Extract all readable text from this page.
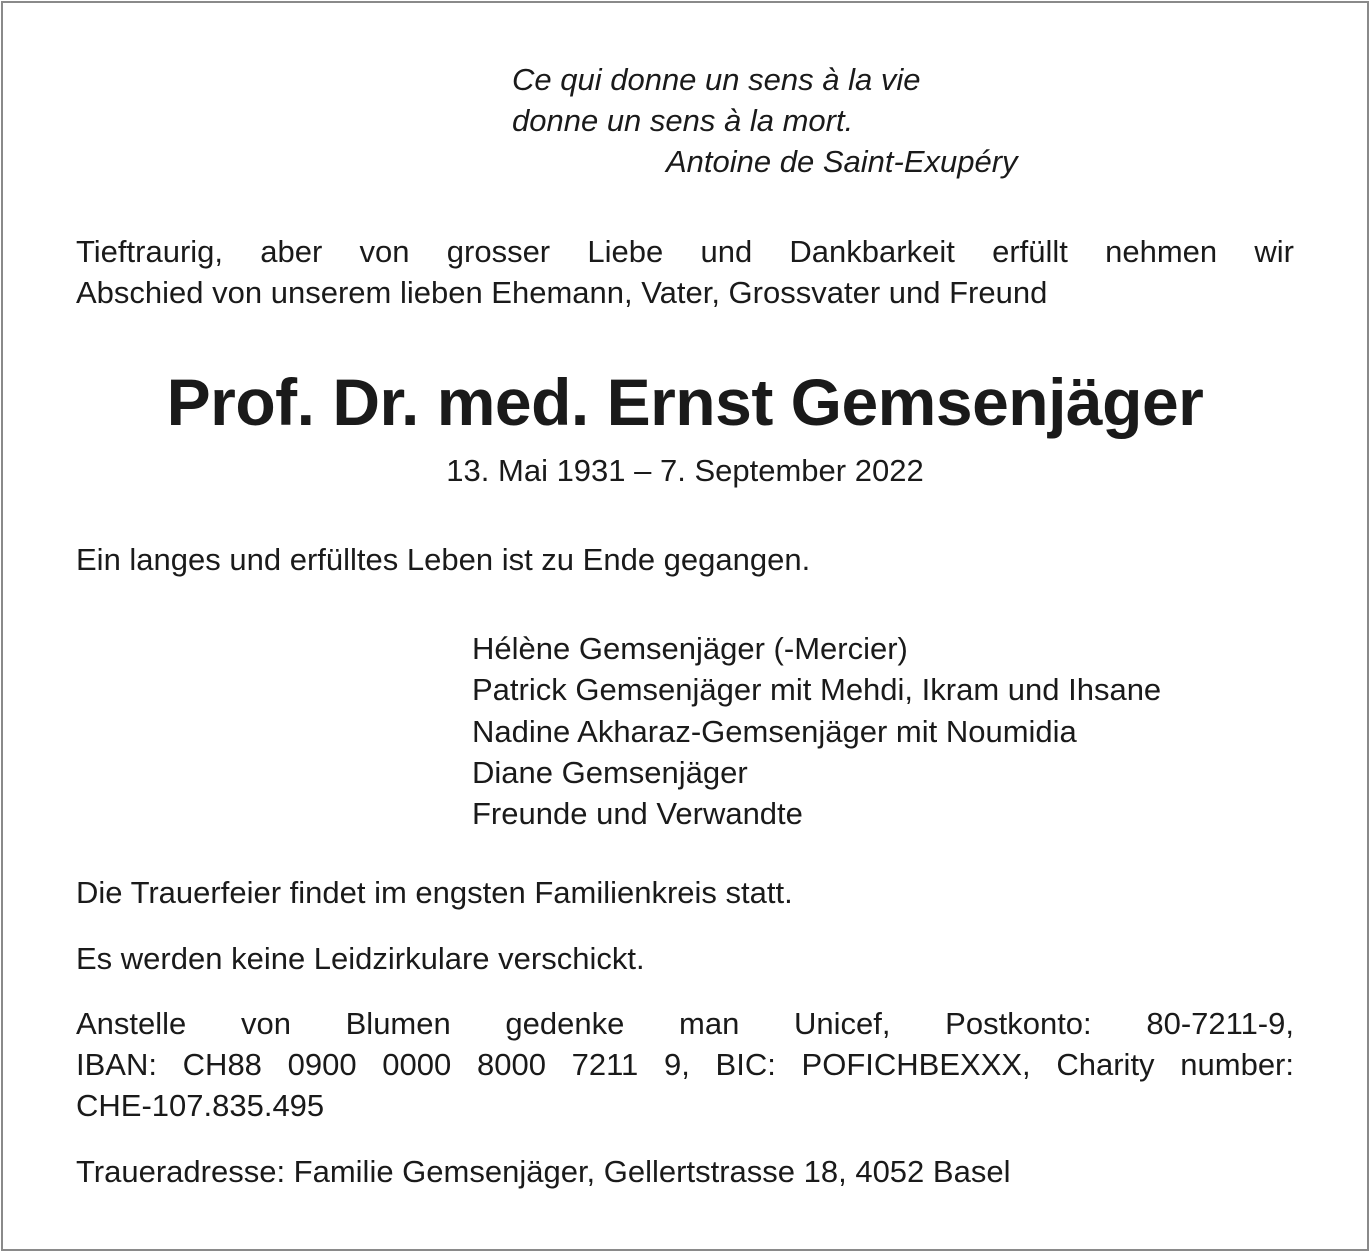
Ce qui donne un sens à la vie
donne un sens à la mort.
Antoine de Saint-Exupéry
Tieftraurig, aber von grosser Liebe und Dankbarkeit erfüllt nehmen wir
Abschied von unserem lieben Ehemann, Vater, Grossvater und Freund
Prof. Dr. med. Ernst Gemsenjäger
13. Mai 1931 – 7. September 2022
Ein langes und erfülltes Leben ist zu Ende gegangen.
Hélène Gemsenjäger (-Mercier)
Patrick Gemsenjäger mit Mehdi, Ikram und Ihsane
Nadine Akharaz-Gemsenjäger mit Noumidia
Diane Gemsenjäger
Freunde und Verwandte
Die Trauerfeier findet im engsten Familienkreis statt.
Es werden keine Leidzirkulare verschickt.
Anstelle von Blumen gedenke man Unicef, Postkonto: 80-7211-9,
IBAN: CH88 0900 0000 8000 7211 9, BIC: POFICHBEXXX, Charity number:
CHE-107.835.495
Traueradresse: Familie Gemsenjäger, Gellertstrasse 18, 4052 Basel
